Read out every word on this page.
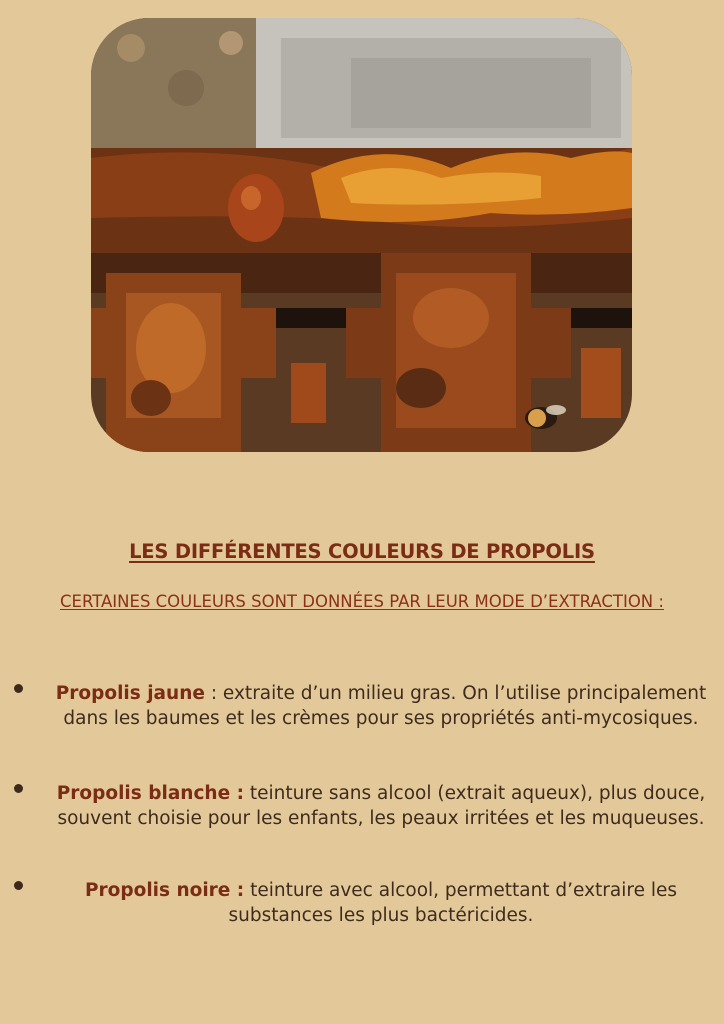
LES DIFFÉRENTES COULEURS DE PROPOLIS
CERTAINES COULEURS SONT DONNÉES PAR LEUR MODE D’EXTRACTION :
Propolis jaune : extraite d’un milieu gras. On l’utilise principalement dans les baumes et les crèmes pour ses propriétés anti-mycosiques.
Propolis blanche : teinture sans alcool (extrait aqueux), plus douce, souvent choisie pour les enfants, les peaux irritées et les muqueuses.
Propolis noire : teinture avec alcool, permettant d’extraire les substances les plus bactéricides.
